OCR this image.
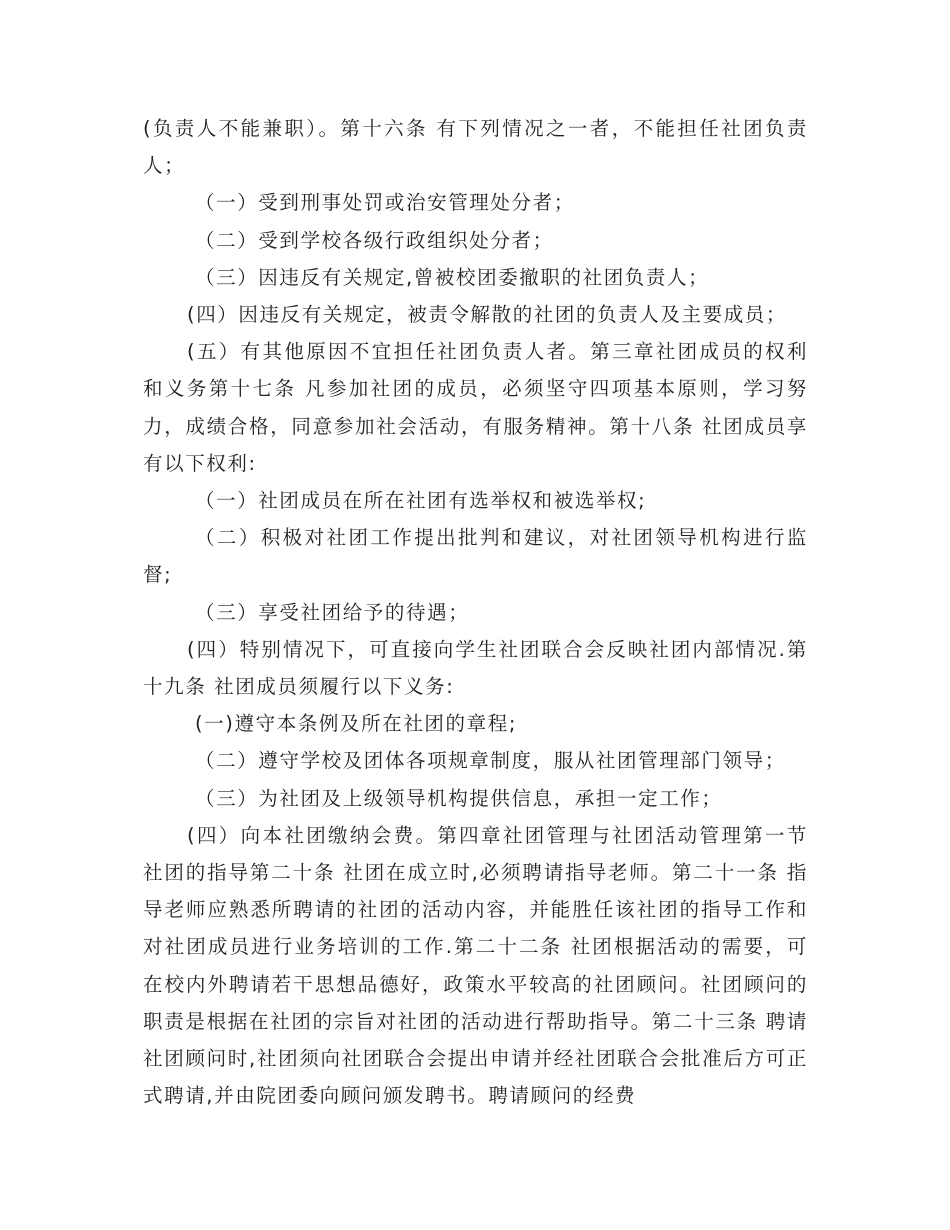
(负责人不能兼职）。第十六条 有下列情况之一者，不能担任社团负责人；

（一）受到刑事处罚或治安管理处分者；

（二）受到学校各级行政组织处分者；

（三）因违反有关规定,曾被校团委撤职的社团负责人；

(四）因违反有关规定，被责令解散的社团的负责人及主要成员；

(五）有其他原因不宜担任社团负责人者。第三章社团成员的权利和义务第十七条 凡参加社团的成员，必须坚守四项基本原则，学习努力，成绩合格，同意参加社会活动，有服务精神。第十八条 社团成员享有以下权利:

（一）社团成员在所在社团有选举权和被选举权;

（二）积极对社团工作提出批判和建议，对社团领导机构进行监督;

（三）享受社团给予的待遇；

(四）特别情况下，可直接向学生社团联合会反映社团内部情况.第十九条 社团成员须履行以下义务:

(一)遵守本条例及所在社团的章程;

（二）遵守学校及团体各项规章制度，服从社团管理部门领导；

（三）为社团及上级领导机构提供信息，承担一定工作；

(四）向本社团缴纳会费。第四章社团管理与社团活动管理第一节社团的指导第二十条 社团在成立时,必须聘请指导老师。第二十一条 指导老师应熟悉所聘请的社团的活动内容，并能胜任该社团的指导工作和对社团成员进行业务培训的工作.第二十二条 社团根据活动的需要，可在校内外聘请若干思想品德好，政策水平较高的社团顾问。社团顾问的职责是根据在社团的宗旨对社团的活动进行帮助指导。第二十三条 聘请社团顾问时,社团须向社团联合会提出申请并经社团联合会批准后方可正式聘请,并由院团委向顾问颁发聘书。聘请顾问的经费
